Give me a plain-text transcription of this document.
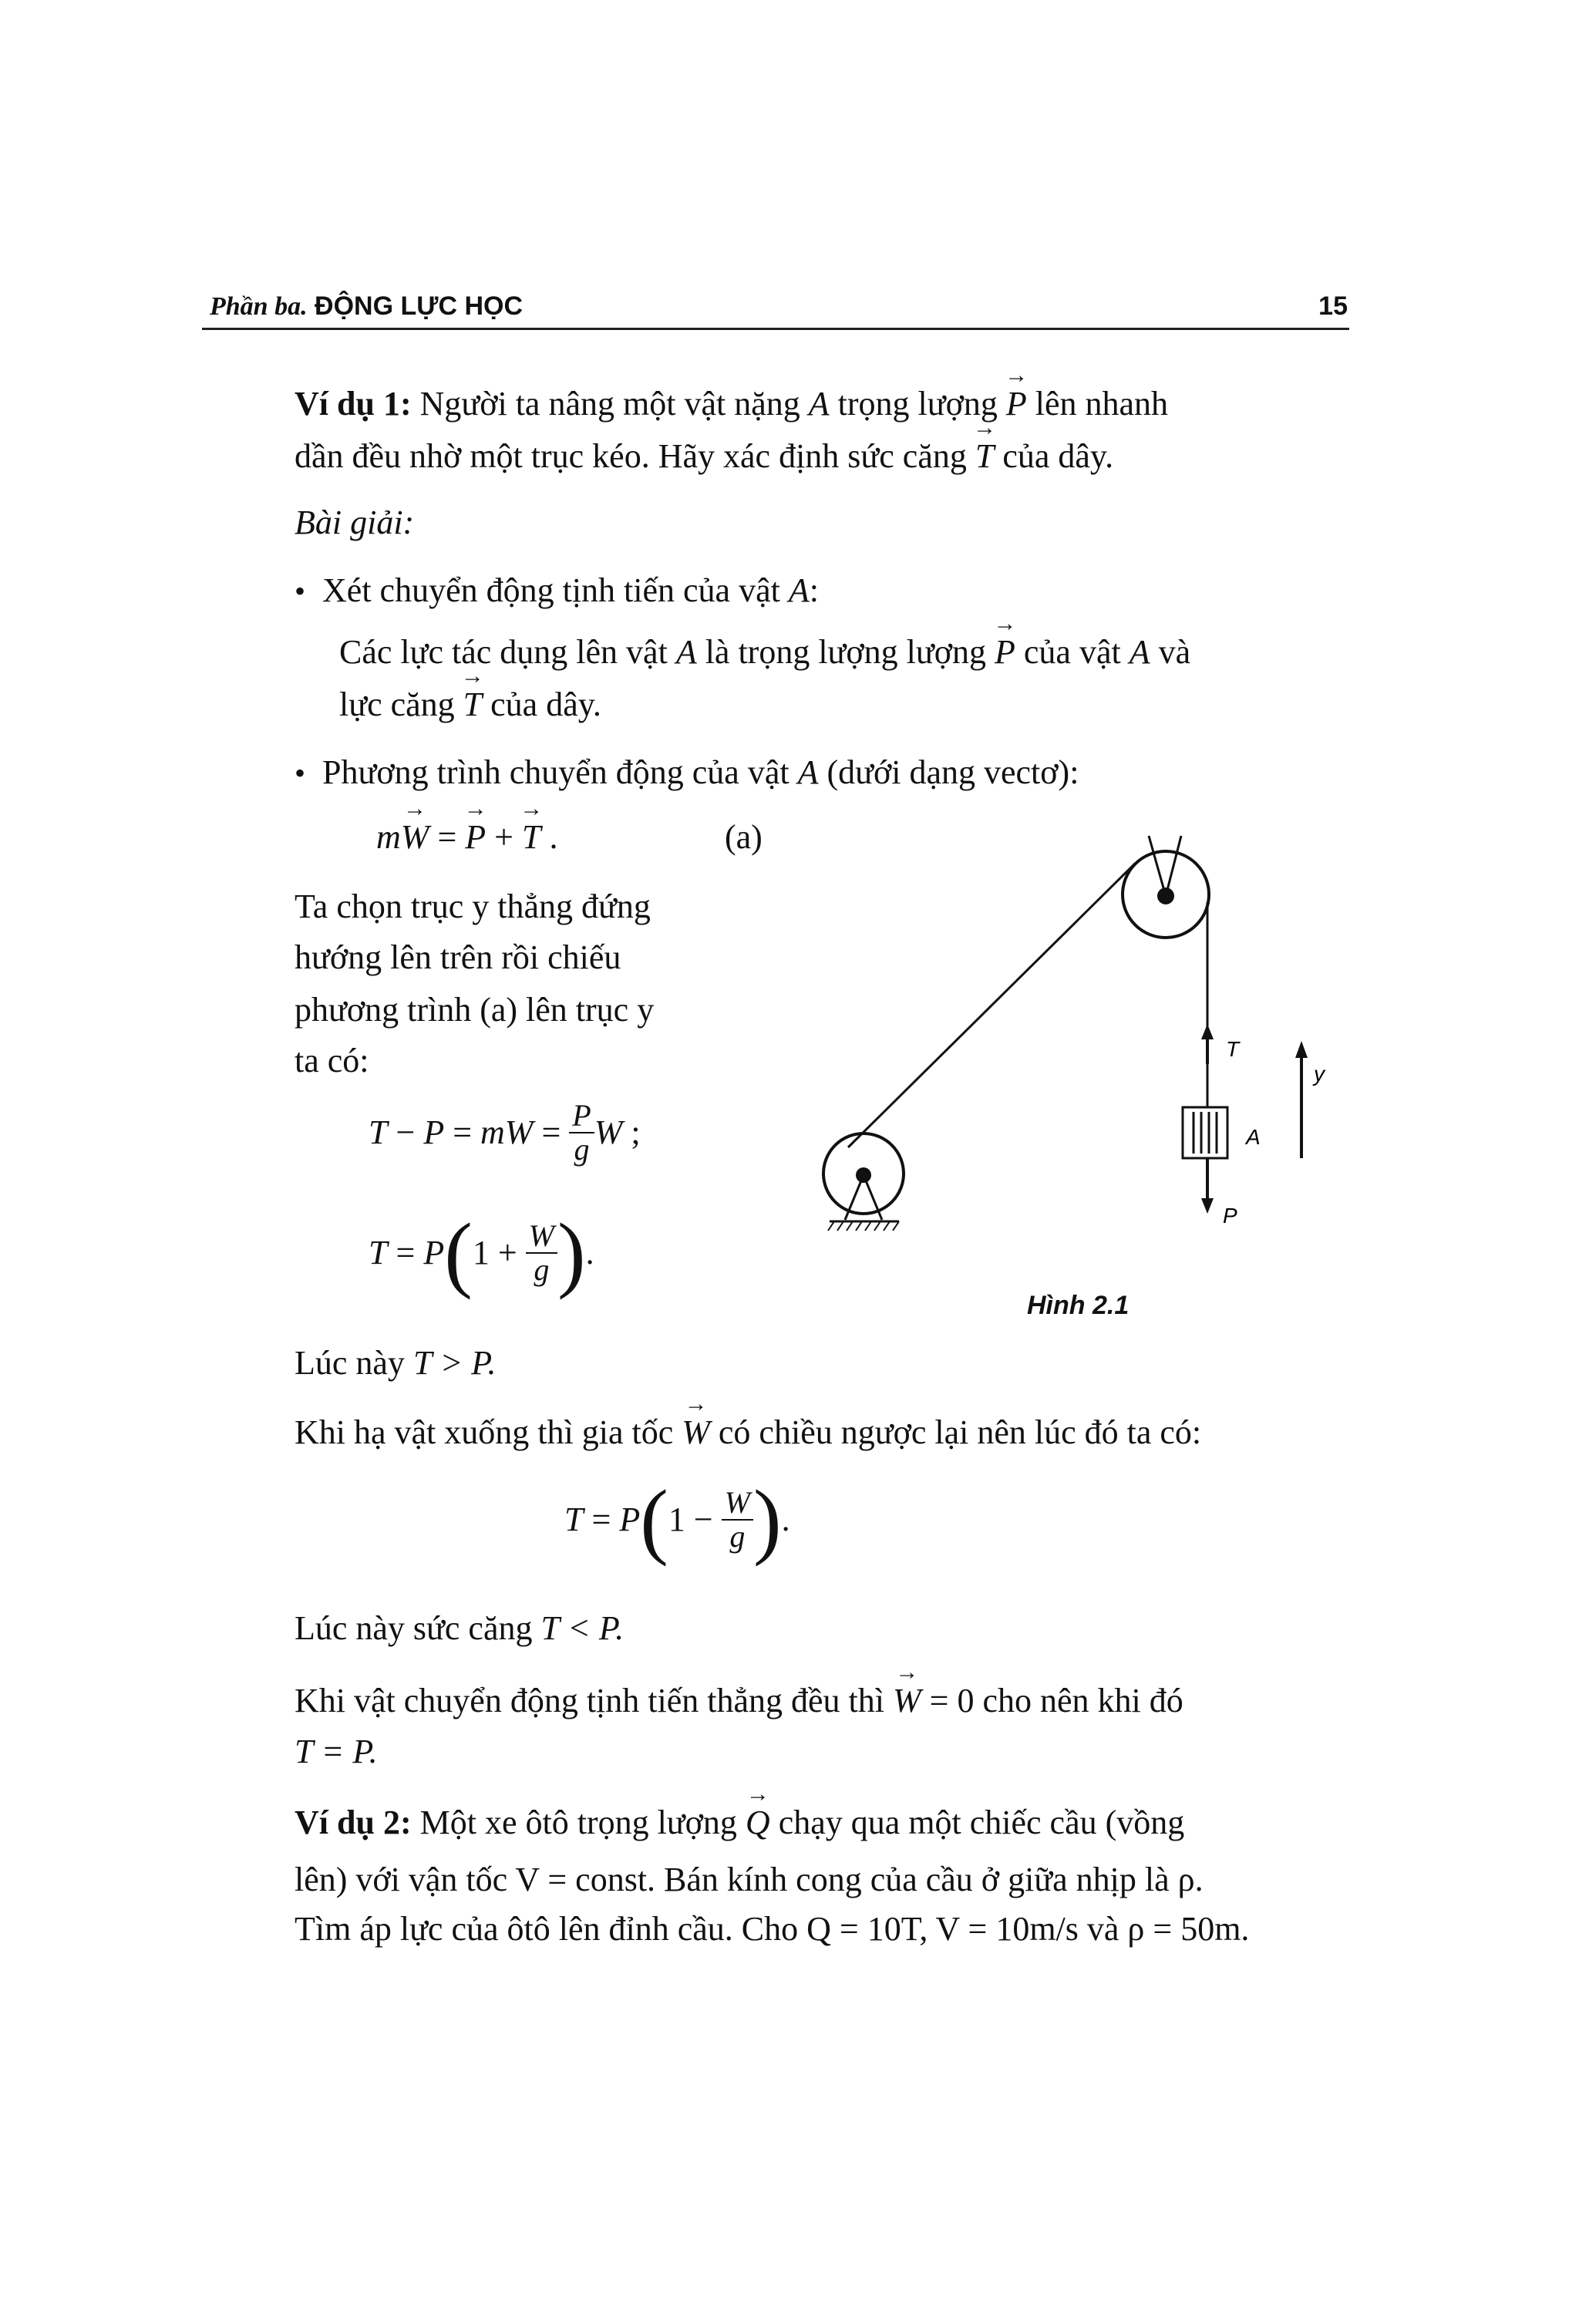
Phần ba. ĐỘNG LỰC HỌC	15
Ví dụ 1: Người ta nâng một vật nặng A trọng lượng → P lên nhanh
dần đều nhờ một trục kéo. Hãy xác định sức căng → T của dây.
Bài giải:
• Xét chuyển động tịnh tiến của vật A:
Các lực tác dụng lên vật A là trọng lượng lượng → P của vật A và
lực căng → T của dây.
• Phương trình chuyển động của vật A (dưới dạng vectơ):
m→ W = → P + → T .	(a)
Ta chọn trục y thẳng đứng
hướng lên trên rồi chiếu
phương trình (a) lên trục y
ta có:
T − P = mW = $\frac{P}{g}$ W ;
T = P ( $1 + \frac{W}{g}$ ) .
T
A
P
y
Hình 2.1
Lúc này T > P.
Khi hạ vật xuống thì gia tốc → W có chiều ngược lại nên lúc đó ta có:
T = P ( $1 - \frac{W}{g}$ ) .
Lúc này sức căng T < P.
Khi vật chuyển động tịnh tiến thẳng đều thì → W = 0 cho nên khi đó
T = P.
Ví dụ 2: Một xe ôtô trọng lượng → Q chạy qua một chiếc cầu (vồng
lên) với vận tốc V = const. Bán kính cong của cầu ở giữa nhịp là ρ.
Tìm áp lực của ôtô lên đỉnh cầu. Cho Q = 10T, V = 10m/s và ρ = 50m.
